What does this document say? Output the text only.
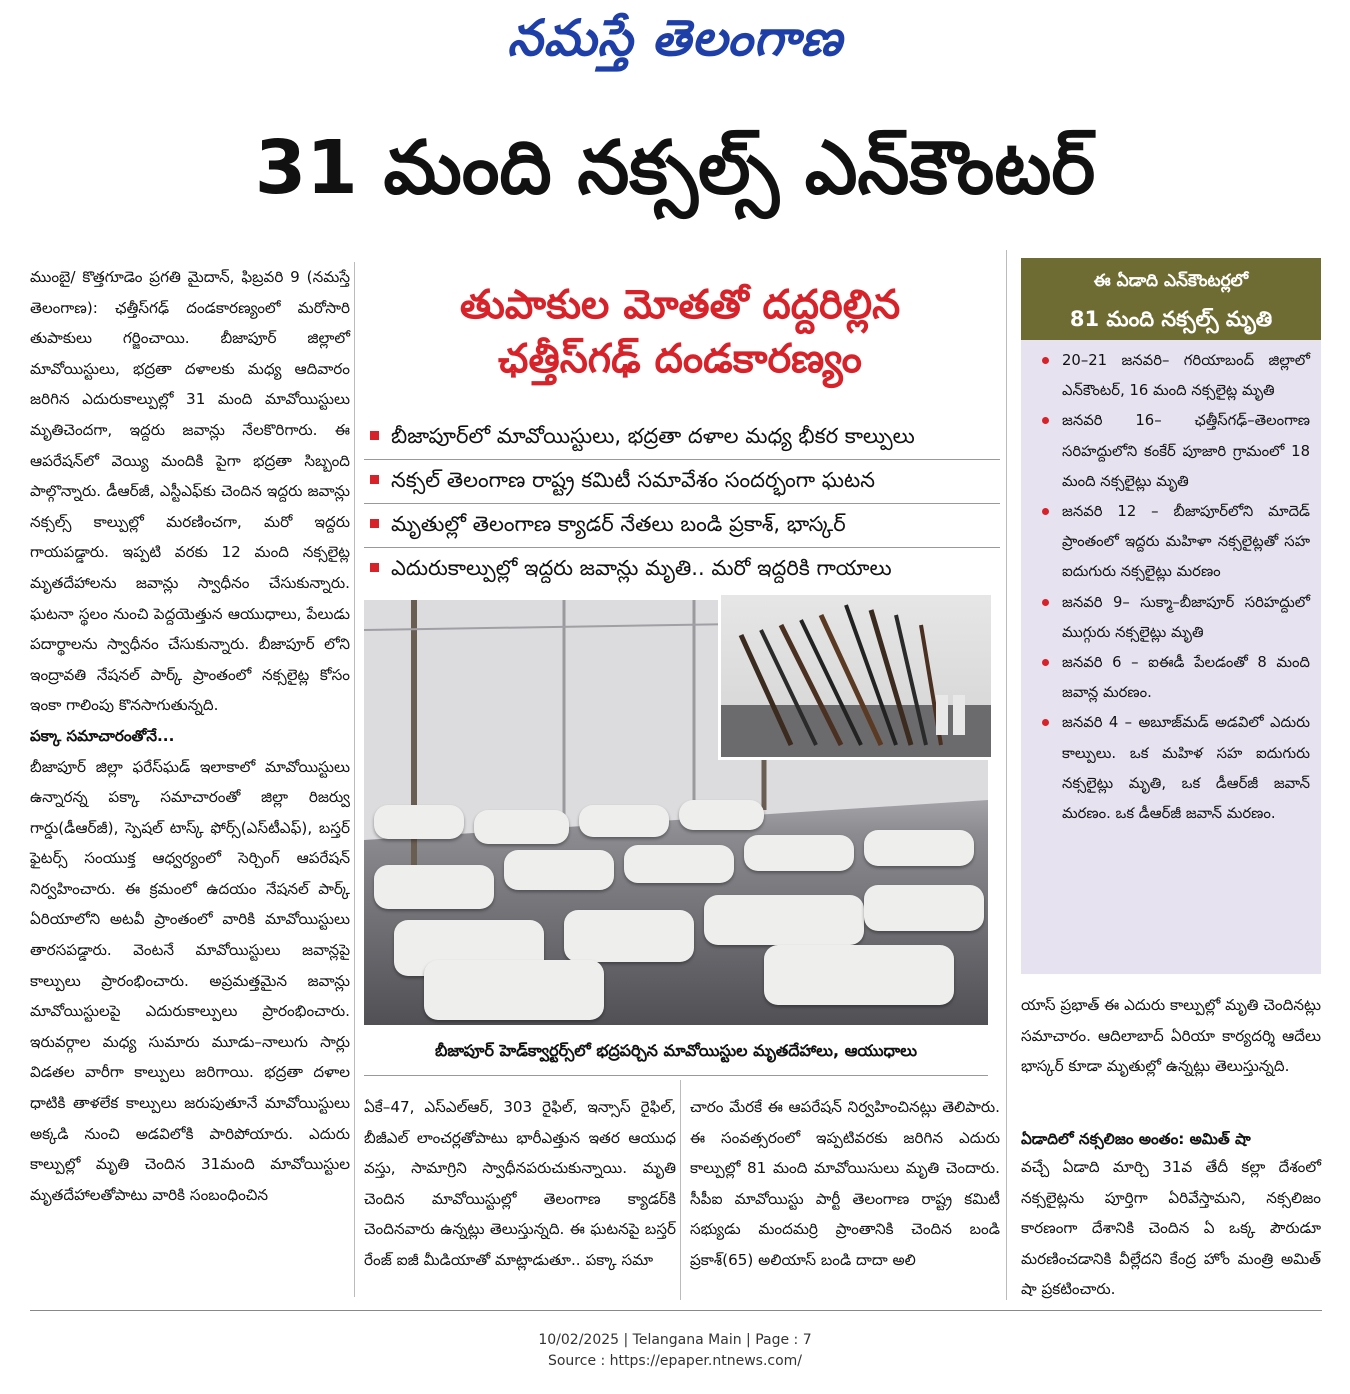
నమస్తే తెలంగాణ
31 మంది నక్సల్స్ ఎన్‌కౌంటర్

ముంబై/ కొత్తగూడెం ప్రగతి మైదాన్, ఫిబ్రవరి 9 (నమస్తే తెలంగాణ): ఛత్తీస్‌గఢ్ దండకారణ్యంలో మరోసారి తుపాకులు గర్జించాయి. బీజాపూర్ జిల్లాలో మావోయిస్టులు, భద్రతా దళాలకు మధ్య ఆదివారం జరిగిన ఎదురుకాల్పుల్లో 31 మంది మావోయిస్టులు మృతిచెందగా, ఇద్దరు జవాన్లు నేలకొరిగారు. ఈ ఆపరేషన్‌లో వెయ్యి మందికి పైగా భద్రతా సిబ్బంది పాల్గొన్నారు. డీఆర్‌జీ, ఎస్టీఎఫ్‌కు చెందిన ఇద్దరు జవాన్లు నక్సల్స్ కాల్పుల్లో మరణించగా, మరో ఇద్దరు గాయపడ్డారు. ఇప్పటి వరకు 12 మంది నక్సలైట్ల మృతదేహాలను జవాన్లు స్వాధీనం చేసుకున్నారు. ఘటనా స్థలం నుంచి పెద్దయెత్తున ఆయుధాలు, పేలుడు పదార్థాలను స్వాధీనం చేసుకున్నారు. బీజాపూర్ లోని ఇంద్రావతి నేషనల్ పార్క్ ప్రాంతంలో నక్సలైట్ల కోసం ఇంకా గాలింపు కొనసాగుతున్నది.

పక్కా సమాచారంతోనే...

బీజాపూర్ జిల్లా ఫరేస్‌ఘడ్ ఇలాకాలో మావోయిస్టులు ఉన్నారన్న పక్కా సమాచారంతో జిల్లా రిజర్వు గార్డు(డీఆర్‌జీ), స్పెషల్ టాస్క్ ఫోర్స్(ఎస్‌టీఎఫ్), బస్తర్ ఫైటర్స్ సంయుక్త ఆధ్వర్యంలో సెర్చింగ్ ఆపరేషన్ నిర్వహించారు. ఈ క్రమంలో ఉదయం నేషనల్ పార్క్ ఏరియాలోని అటవీ ప్రాంతంలో వారికి మావోయిస్టులు తారసపడ్డారు. వెంటనే మావోయిస్టులు జవాన్లపై కాల్పులు ప్రారంభించారు. అప్రమత్తమైన జవాన్లు మావోయిస్టులపై ఎదురుకాల్పులు ప్రారంభించారు. ఇరువర్గాల మధ్య సుమారు మూడు–నాలుగు సార్లు విడతల వారీగా కాల్పులు జరిగాయి. భద్రతా దళాల ధాటికి తాళలేక కాల్పులు జరుపుతూనే మావోయిస్టులు అక్కడి నుంచి అడవిలోకి పారిపోయారు. ఎదురు కాల్పుల్లో మృతి చెందిన 31మంది మావోయిస్టుల మృతదేహాలతోపాటు వారికి సంబంధించిన

తుపాకుల మోతతో దద్దరిల్లిన
ఛత్తీస్‌గఢ్ దండకారణ్యం
బీజాపూర్‌లో మావోయిస్టులు, భద్రతా దళాల మధ్య భీకర కాల్పులు
నక్సల్ తెలంగాణ రాష్ట్ర కమిటీ సమావేశం సందర్భంగా ఘటన
మృతుల్లో తెలంగాణ క్యాడర్ నేతలు బండి ప్రకాశ్, భాస్కర్
ఎదురుకాల్పుల్లో ఇద్దరు జవాన్లు మృతి.. మరో ఇద్దరికి గాయాలు
బీజాపూర్ హెడ్‌క్వార్టర్స్‌లో భద్రపర్చిన మావోయిస్టుల మృతదేహాలు, ఆయుధాలు
ఏకే–47, ఎస్ఎల్ఆర్, 303 రైఫిల్, ఇన్సాస్ రైఫిల్, బీజీఎల్ లాంచర్లతోపాటు భారీఎత్తున ఇతర ఆయుధ వస్తు, సామాగ్రిని స్వాధీనపరుచుకున్నాయి. మృతి చెందిన మావోయిస్టుల్లో తెలంగాణ క్యాడర్‌కి చెందినవారు ఉన్నట్లు తెలుస్తున్నది. ఈ ఘటనపై బస్తర్ రేంజ్ ఐజీ మీడియాతో మాట్లాడుతూ.. పక్కా సమా
చారం మేరకే ఈ ఆపరేషన్ నిర్వహించినట్లు తెలిపారు. ఈ సంవత్సరంలో ఇప్పటివరకు జరిగిన ఎదురు కాల్పుల్లో 81 మంది మావోయిసులు మృతి చెందారు. సీపీఐ మావోయిస్టు పార్టీ తెలంగాణ రాష్ట్ర కమిటీ సభ్యుడు మందమర్రి ప్రాంతానికి చెందిన బండి ప్రకాశ్(65) అలియాస్ బండి దాదా అలి
ఈ ఏడాది ఎన్‌కౌంటర్లలో
81 మంది నక్సల్స్ మృతి
20–21 జనవరి– గరియాబంద్ జిల్లాలో ఎన్‌కౌంటర్, 16 మంది నక్సలైట్ల మృతి
జనవరి 16– ఛత్తీస్‌గఢ్–తెలంగాణ సరిహద్దులోని కంకేర్ పూజారి గ్రామంలో 18 మంది నక్సలైట్లు మృతి
జనవరి 12 – బీజాపూర్‌లోని మాదెడ్ ప్రాంతంలో ఇద్దరు మహిళా నక్సలైట్లతో సహ ఐదుగురు నక్సలైట్లు మరణం
జనవరి 9– సుక్మా–బీజాపూర్ సరిహద్దులో ముగ్గురు నక్సలైట్లు మృతి
జనవరి 6 – ఐఈడీ పేలడంతో 8 మంది జవాన్ల మరణం.
జనవరి 4 – అబూజ్‌మడ్ అడవిలో ఎదురు కాల్పులు. ఒక మహిళ సహ ఐదుగురు నక్సలైట్లు మృతి, ఒక డీఆర్‌జీ జవాన్ మరణం. ఒక డీఆర్‌జీ జవాన్ మరణం.
యాస్ ప్రభాత్ ఈ ఎదురు కాల్పుల్లో మృతి చెందినట్లు సమాచారం. ఆదిలాబాద్ ఏరియా కార్యదర్శి ఆదేలు భాస్కర్ కూడా మృతుల్లో ఉన్నట్లు తెలుస్తున్నది.
ఏడాదిలో నక్సలిజం అంతం: అమిత్ షా
వచ్చే ఏడాది మార్చి 31వ తేదీ కల్లా దేశంలో నక్సలైట్లను పూర్తిగా ఏరివేస్తామని, నక్సలిజం కారణంగా దేశానికి చెందిన ఏ ఒక్క పౌరుడూ మరణించడానికి వీల్లేదని కేంద్ర హోం మంత్రి అమిత్ షా ప్రకటించారు.
10/02/2025 | Telangana Main | Page : 7
Source : https://epaper.ntnews.com/
